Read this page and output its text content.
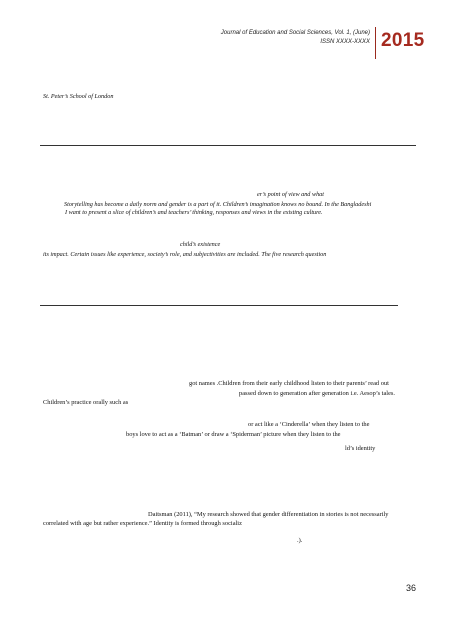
Journal of Education and Social Sciences, Vol. 1, (June)
ISSN XXXX-XXXX 2015
St. Peter’s School of London
er’s point of view and what
Storytelling has become a daily norm and gender is a part of it. Children’s imagination knows no bound. In the Bangladeshi
I want to present a slice of children’s and teachers’ thinking, responses and views in the existing culture.
child’s existence
its impact. Certain issues like experience, society’s role, and subjectivities are included. The five research question
got names .Children from their early childhood listen to their parents’ read out
passed down to generation after generation i.e. Aesop’s tales.
Children’s practice orally such as
or act like a ‘Cinderella’ when they listen to the
boys love to act as a ‘Batman’ or draw a ‘Spiderman’ picture when they listen to the
ld’s identity
Daitsman (2011), “My research showed that gender differentiation in stories is not necessarily
correlated with age but rather experience.” Identity is formed through socializ
.).
36
